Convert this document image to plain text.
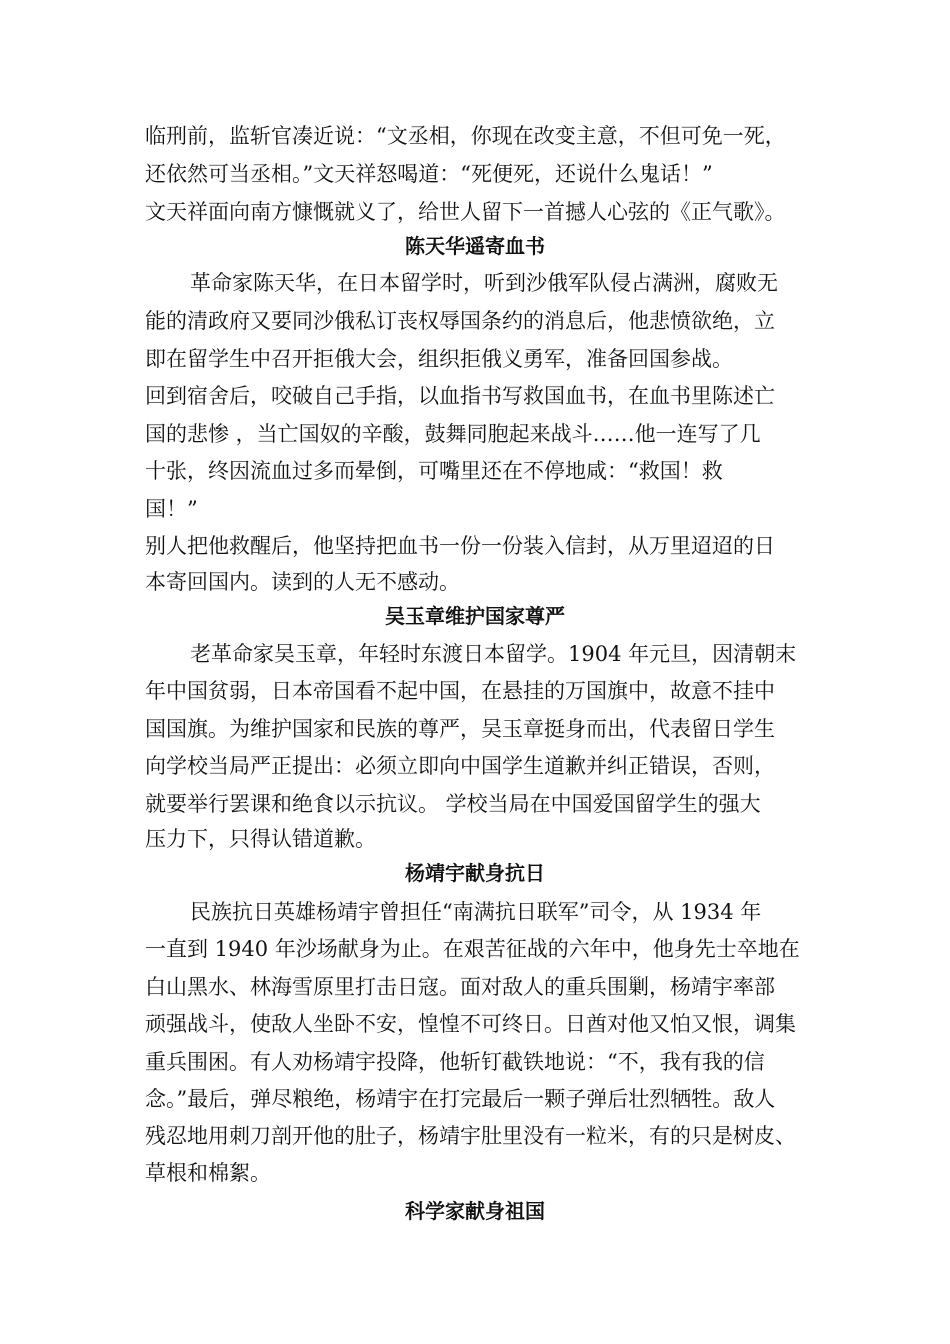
临刑前，监斩官凑近说：“文丞相，你现在改变主意，不但可免一死，
还依然可当丞相。”文天祥怒喝道：“死便死，还说什么鬼话！”
文天祥面向南方慷慨就义了，给世人留下一首撼人心弦的《正气歌》。
陈天华遥寄血书
革命家陈天华，在日本留学时，听到沙俄军队侵占满洲，腐败无
能的清政府又要同沙俄私订丧权辱国条约的消息后，他悲愤欲绝，立
即在留学生中召开拒俄大会，组织拒俄义勇军，准备回国参战。
回到宿舍后，咬破自己手指，以血指书写救国血书，在血书里陈述亡
国的悲惨 ，当亡国奴的辛酸，鼓舞同胞起来战斗……他一连写了几
十张，终因流血过多而晕倒，可嘴里还在不停地咸：“救国！救
国！”
别人把他救醒后，他坚持把血书一份一份装入信封，从万里迢迢的日
本寄回国内。读到的人无不感动。
吴玉章维护国家尊严
老革命家吴玉章，年轻时东渡日本留学。1904 年元旦，因清朝末
年中国贫弱，日本帝国看不起中国，在悬挂的万国旗中，故意不挂中
国国旗。为维护国家和民族的尊严，吴玉章挺身而出，代表留日学生
向学校当局严正提出：必须立即向中国学生道歉并纠正错误，否则，
就要举行罢课和绝食以示抗议。 学校当局在中国爱国留学生的强大
压力下，只得认错道歉。
杨靖宇献身抗日
民族抗日英雄杨靖宇曾担任“南满抗日联军”司令，从 1934 年
一直到 1940 年沙场献身为止。在艰苦征战的六年中，他身先士卒地在
白山黑水、林海雪原里打击日寇。面对敌人的重兵围剿，杨靖宇率部
顽强战斗，使敌人坐卧不安，惶惶不可终日。日酋对他又怕又恨，调集
重兵围困。有人劝杨靖宇投降，他斩钉截铁地说：“不，我有我的信
念。”最后，弹尽粮绝，杨靖宇在打完最后一颗子弹后壮烈牺牲。敌人
残忍地用刺刀剖开他的肚子，杨靖宇肚里没有一粒米，有的只是树皮、
草根和棉絮。
科学家献身祖国
